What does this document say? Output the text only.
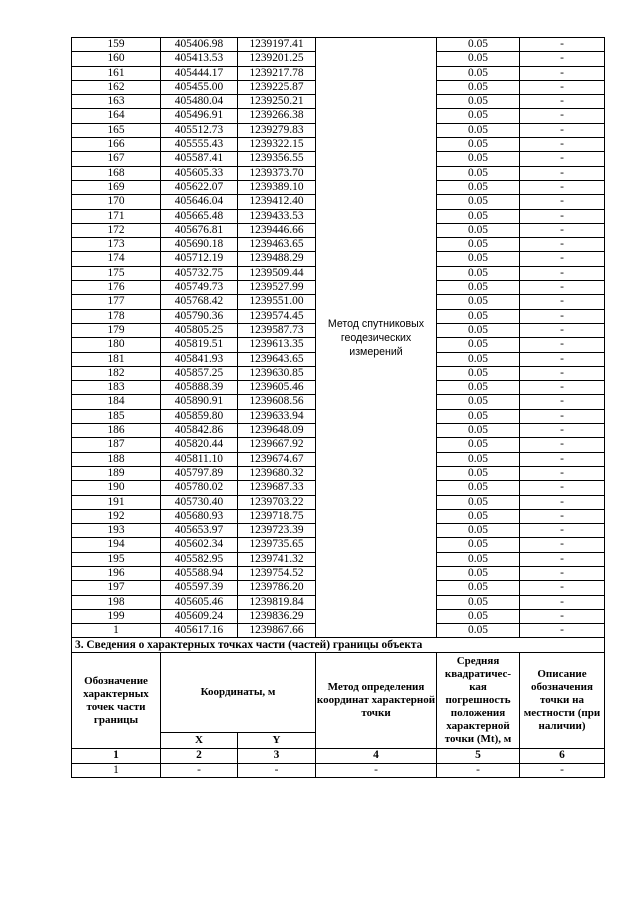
159	405406.98	1239197.41	Метод спутниковых геодезических измерений	0.05	-
160	405413.53	1239201.25		0.05	-
161	405444.17	1239217.78		0.05	-
162	405455.00	1239225.87		0.05	-
163	405480.04	1239250.21		0.05	-
164	405496.91	1239266.38		0.05	-
165	405512.73	1239279.83		0.05	-
166	405555.43	1239322.15		0.05	-
167	405587.41	1239356.55		0.05	-
168	405605.33	1239373.70		0.05	-
169	405622.07	1239389.10		0.05	-
170	405646.04	1239412.40		0.05	-
171	405665.48	1239433.53		0.05	-
172	405676.81	1239446.66		0.05	-
173	405690.18	1239463.65		0.05	-
174	405712.19	1239488.29		0.05	-
175	405732.75	1239509.44		0.05	-
176	405749.73	1239527.99		0.05	-
177	405768.42	1239551.00		0.05	-
178	405790.36	1239574.45		0.05	-
179	405805.25	1239587.73		0.05	-
180	405819.51	1239613.35		0.05	-
181	405841.93	1239643.65		0.05	-
182	405857.25	1239630.85		0.05	-
183	405888.39	1239605.46		0.05	-
184	405890.91	1239608.56		0.05	-
185	405859.80	1239633.94		0.05	-
186	405842.86	1239648.09		0.05	-
187	405820.44	1239667.92		0.05	-
188	405811.10	1239674.67		0.05	-
189	405797.89	1239680.32		0.05	-
190	405780.02	1239687.33		0.05	-
191	405730.40	1239703.22		0.05	-
192	405680.93	1239718.75		0.05	-
193	405653.97	1239723.39		0.05	-
194	405602.34	1239735.65		0.05	-
195	405582.95	1239741.32		0.05	-
196	405588.94	1239754.52		0.05	-
197	405597.39	1239786.20		0.05	-
198	405605.46	1239819.84		0.05	-
199	405609.24	1239836.29		0.05	-
1	405617.16	1239867.66		0.05	-
3. Сведения о характерных точках части (частей) границы объекта					
Обозначение характерных точек части границы	Координаты, м		Метод определения координат характерной точки	Средняя квадратичес-кая погрешность положения характерной точки (Mt), м	Описание обозначения точки на местности (при наличии)
	X	Y			
1	2	3	4	5	6
1	-	-	-	-	-
